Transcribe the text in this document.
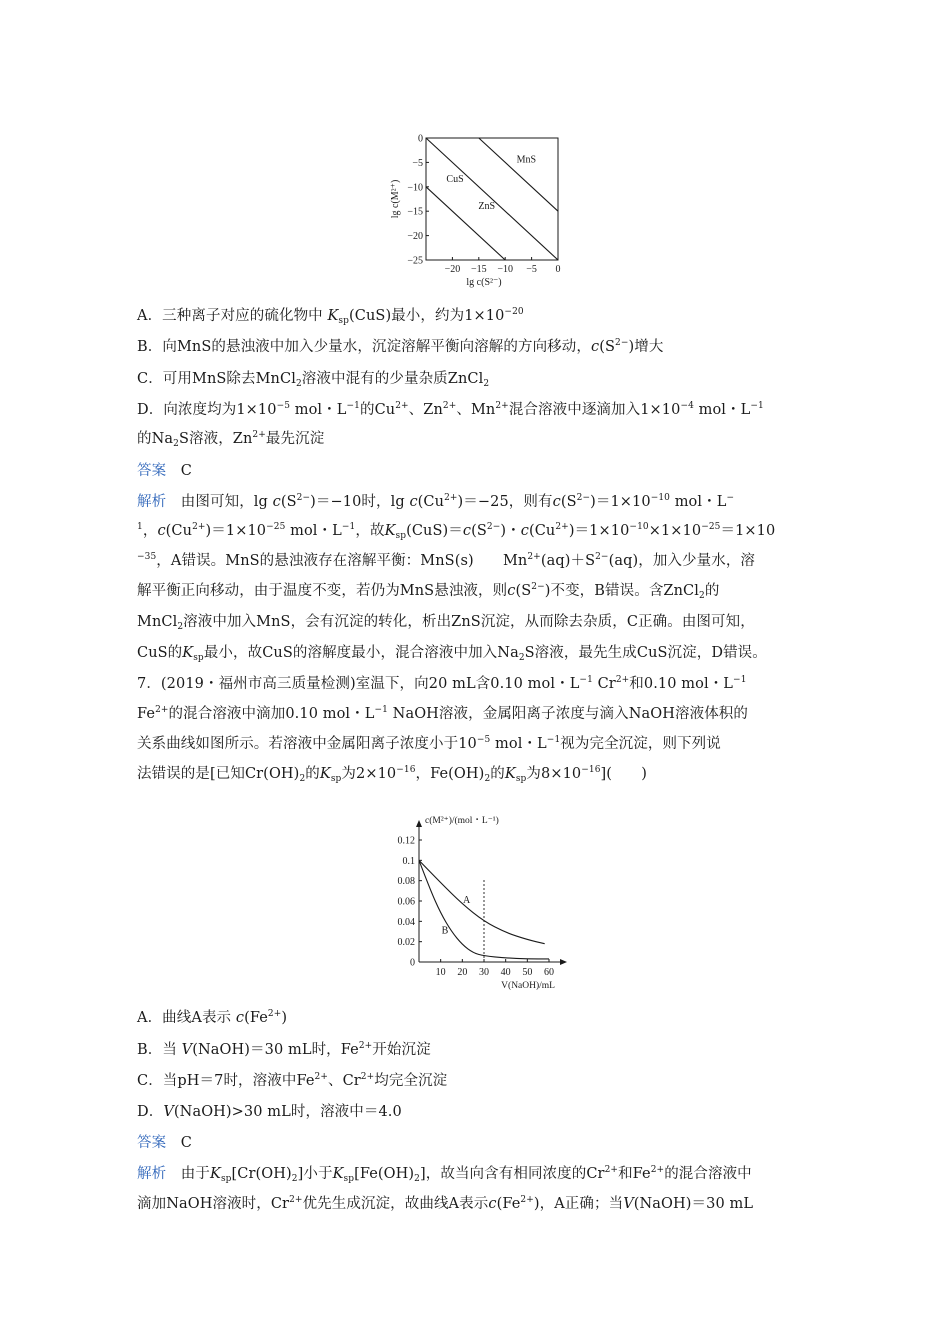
0
−5
−10
−15
−20
−25
−20 −15 −10 −5 0
CuS
ZnS
MnS
lg c(S²⁻)
lg c(M²⁺)
A．三种离子对应的硫化物中 $K_{sp}(CuS)$最小，约为$1\times 10^{-20}$
B．向MnS的悬浊液中加入少量水，沉淀溶解平衡向溶解的方向移动，$c(S^{2-})$增大
C．可用MnS除去MnCl$_2$溶液中混有的少量杂质ZnCl$_2$
D．向浓度均为$1\times 10^{-5}$ mol・$L^{-1}$的$Cu^{2+}$、$Zn^{2+}$、$Mn^{2+}$混合溶液中逐滴加入$1\times 10^{-4}$ mol・$L^{-1}$
的$Na_2S$溶液，$Zn^{2+}$最先沉淀
答案　C
解析　由图可知，$\lg c(S^{2-})=-10$时，$\lg c(Cu^{2+})=-25$，则有$c(S^{2-})=1\times 10^{-10}$ mol・L−
$^1$，$c(Cu^{2+})=1\times 10^{-25}$ mol・$L^{-1}$，故$K_{sp}(CuS)=c(S^{2-})$・$c(Cu^{2+})=1\times 10^{-10}\times 1\times 10^{-25}=1\times 10$
$^{-35}$，A错误。MnS的悬浊液存在溶解平衡：MnS(s)　　$Mn^{2+}(aq)+S^{2-}(aq)$，加入少量水，溶
解平衡正向移动，由于温度不变，若仍为MnS悬浊液，则$c(S^{2-})$不变，B错误。含ZnCl$_2$的
MnCl$_2$溶液中加入MnS，会有沉淀的转化，析出ZnS沉淀，从而除去杂质，C正确。由图可知，
CuS的$K_{sp}$最小，故CuS的溶解度最小，混合溶液中加入$Na_2S$溶液，最先生成CuS沉淀，D错误。
7．(2019・福州市高三质量检测)室温下，向20 mL含0.10 mol・$L^{-1}$ $Cr^{2+}$和0.10 mol・$L^{-1}$
$Fe^{2+}$的混合溶液中滴加0.10 mol・$L^{-1}$ NaOH溶液，金属阳离子浓度与滴入NaOH溶液体积的
关系曲线如图所示。若溶液中金属阳离子浓度小于$10^{-5}$ mol・$L^{-1}$视为完全沉淀，则下列说
法错误的是[已知$Cr(OH)_2$的$K_{sp}$为$2\times 10^{-16}$，$Fe(OH)_2$的$K_{sp}$为$8\times 10^{-16}$](　　)
0
0.02
0.04
0.06
0.08
0.1
0.12
10 20 30 40 50 60
A
B
c(M²⁺)/(mol・L⁻¹)
V(NaOH)/mL
A．曲线A表示 $c(Fe^{2+})$
B．当 V(NaOH)＝30 mL时，$Fe^{2+}$开始沉淀
C．当pH＝7时，溶液中$Fe^{2+}$、$Cr^{2+}$均完全沉淀
D．V(NaOH)>30 mL时，溶液中＝4.0
答案　C
解析　由于$K_{sp}[Cr(OH)_2]$小于$K_{sp}[Fe(OH)_2]$，故当向含有相同浓度的$Cr^{2+}$和$Fe^{2+}$的混合溶液中
滴加NaOH溶液时，$Cr^{2+}$优先生成沉淀，故曲线A表示$c(Fe^{2+})$，A正确；当V(NaOH)＝30 mL
